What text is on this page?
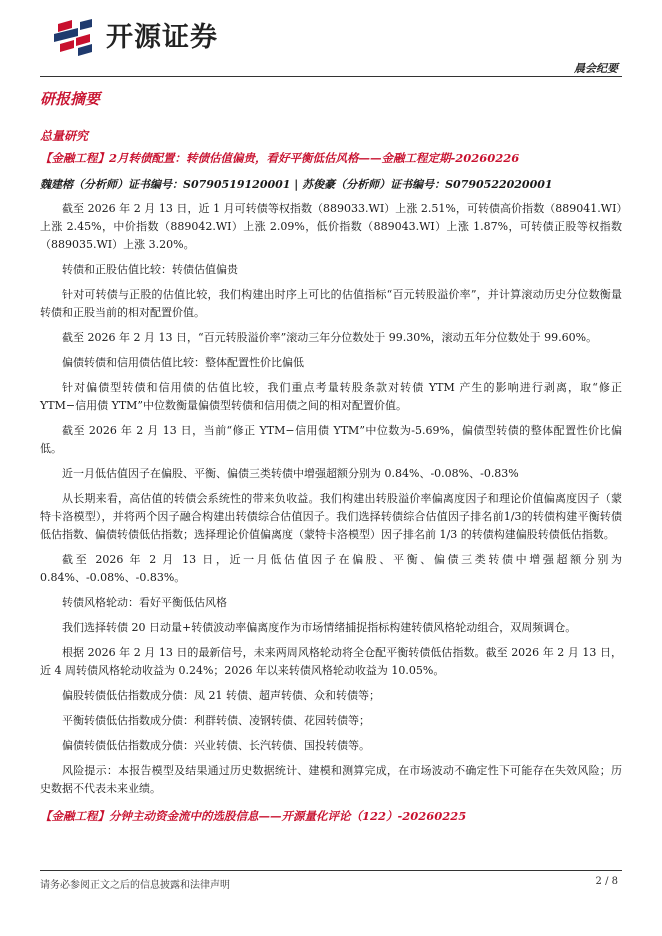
开源证券
晨会纪要
研报摘要
总量研究
【金融工程】2月转债配置：转债估值偏贵，看好平衡低估风格——金融工程定期-20260226
魏建榕（分析师）证书编号：S0790519120001 | 苏俊豪（分析师）证书编号：S0790522020001

截至 2026 年 2 月 13 日，近 1 月可转债等权指数（889033.WI）上涨 2.51%，可转债高价指数（889041.WI）上涨 2.45%，中价指数（889042.WI）上涨 2.09%，低价指数（889043.WI）上涨 1.87%，可转债正股等权指数（889035.WI）上涨 3.20%。

转债和正股估值比较：转债估值偏贵

针对可转债与正股的估值比较，我们构建出时序上可比的估值指标“百元转股溢价率”，并计算滚动历史分位数衡量转债和正股当前的相对配置价值。

截至 2026 年 2 月 13 日，“百元转股溢价率”滚动三年分位数处于 99.30%，滚动五年分位数处于 99.60%。

偏债转债和信用债估值比较：整体配置性价比偏低

针对偏债型转债和信用债的估值比较，我们重点考量转股条款对转债 YTM 产生的影响进行剥离，取“修正 YTM−信用债 YTM”中位数衡量偏债型转债和信用债之间的相对配置价值。

截至 2026 年 2 月 13 日，当前“修正 YTM−信用债 YTM”中位数为-5.69%，偏债型转债的整体配置性价比偏低。

近一月低估值因子在偏股、平衡、偏债三类转债中增强超额分别为 0.84%、-0.08%、-0.83%

从长期来看，高估值的转债会系统性的带来负收益。我们构建出转股溢价率偏离度因子和理论价值偏离度因子（蒙特卡洛模型），并将两个因子融合构建出转债综合估值因子。我们选择转债综合估值因子排名前1/3的转债构建平衡转债低估指数、偏债转债低估指数；选择理论价值偏离度（蒙特卡洛模型）因子排名前 1/3 的转债构建偏股转债低估指数。

截至 2026 年 2 月 13 日，近一月低估值因子在偏股、平衡、偏债三类转债中增强超额分别为 0.84%、-0.08%、-0.83%。

转债风格轮动：看好平衡低估风格

我们选择转债 20 日动量+转债波动率偏离度作为市场情绪捕捉指标构建转债风格轮动组合，双周频调仓。

根据 2026 年 2 月 13 日的最新信号，未来两周风格轮动将全仓配平衡转债低估指数。截至 2026 年 2 月 13 日，近 4 周转债风格轮动收益为 0.24%；2026 年以来转债风格轮动收益为 10.05%。

偏股转债低估指数成分债：凤 21 转债、超声转债、众和转债等；

平衡转债低估指数成分债：利群转债、凌钢转债、花园转债等；

偏债转债低估指数成分债：兴业转债、长汽转债、国投转债等。

风险提示：本报告模型及结果通过历史数据统计、建模和测算完成，在市场波动不确定性下可能存在失效风险；历史数据不代表未来业绩。

【金融工程】分钟主动资金流中的选股信息——开源量化评论（122）-20260225
请务必参阅正文之后的信息披露和法律声明	2 / 8
